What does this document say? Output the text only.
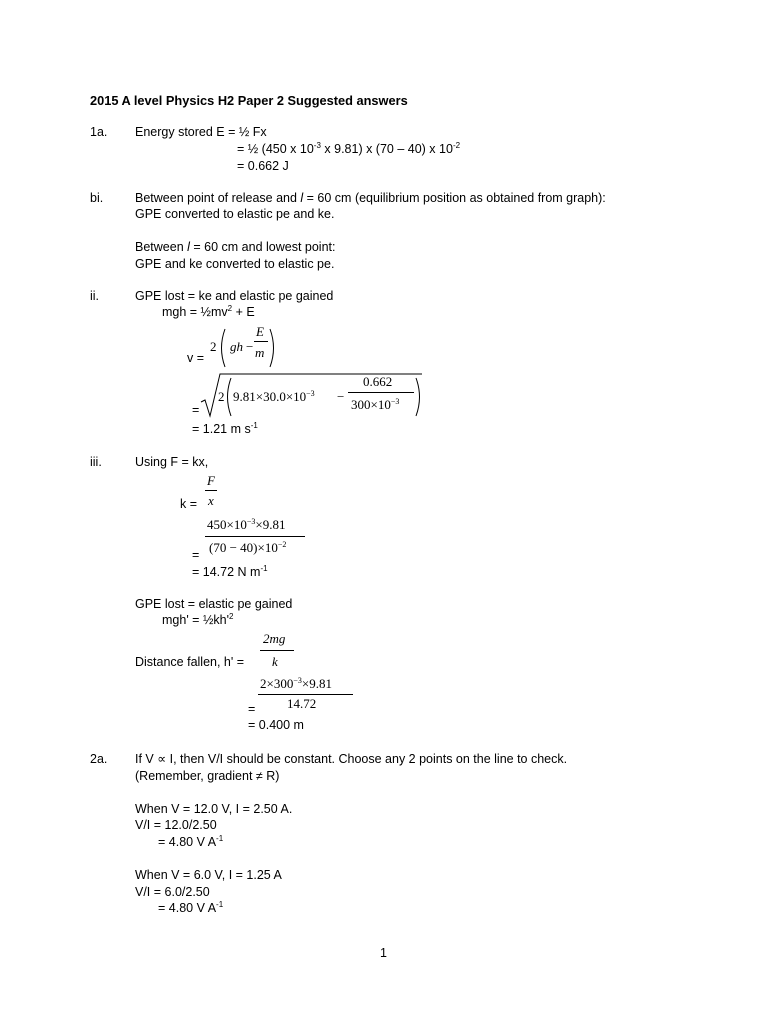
2015 A level Physics H2 Paper 2 Suggested answers
1a. Energy stored E = ½ Fx
= ½ (450 x $10^{-3}$ x 9.81) x (70 – 40) x $10^{-2}$
= 0.662 J
bi.	Between point of release and l = 60 cm (equilibrium position as obtained from graph):
GPE converted to elastic pe and ke.
Between l = 60 cm and lowest point:
GPE and ke converted to elastic pe.
ii.	GPE lost = ke and elastic pe gained
mgh = $\frac{1}{2}mv^2 + E$
v =
2 gh −
E
m
=
2 $9.81\times 30.0\times 10^{-3}$ −
0.662
$300\times 10^{-3}$
= 1.21 m $s^{-1}$
iii.	Using F = kx,
k =
F
x
=
$450\times 10^{-3}\times 9.81$
$(70 - 40)\times 10^{-2}$
= 14.72 N $m^{-1}$
GPE lost = elastic pe gained
$mgh' = \frac{1}{2}kh'^2$
Distance fallen, h' =
2mg
k
=
$2\times 300^{-3}\times 9.81$
14.72
= 0.400 m
2a. If V ∝ I, then V/I should be constant. Choose any 2 points on the line to check.
(Remember, gradient ≠ R)
When V = 12.0 V, I = 2.50 A.
V/I = 12.0/2.50
= 4.80 V $A^{-1}$
When V = 6.0 V, I = 1.25 A
V/I = 6.0/2.50
= 4.80 V $A^{-1}$
1
